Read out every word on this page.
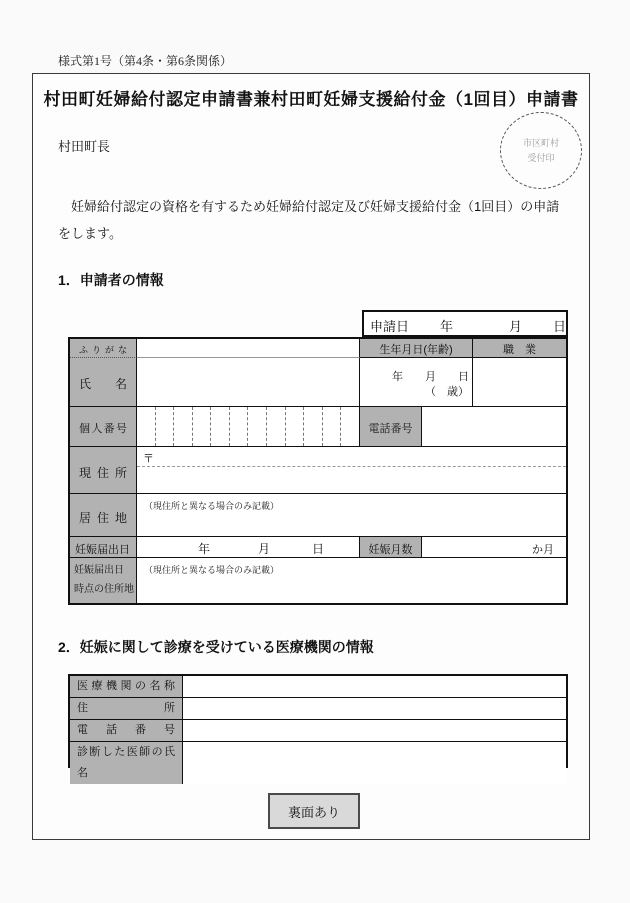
様式第1号（第4条・第6条関係）
村田町妊婦給付認定申請書兼村田町妊婦支援給付金（1回目）申請書
村田町長	市区町村
受付印
妊婦給付認定の資格を有するため妊婦給付認定及び妊婦支援給付金（1回目）の申請
をします。
1．申請者の情報
申請日 年	月 日
ふりがな	生年月日(年齢)	職　業
氏名	年　　月　　日
（　歳）
個人番号	電話番号
現住所
〒
居住地
（現住所と異なる場合のみ記載）
妊娠届出日	年	月	日	妊娠月数	か月
妊娠届出日
時点の住所地
（現住所と異なる場合のみ記載）
2．妊娠に関して診療を受けている医療機関の情報
医療機関の名称
住所
電話番号
診断した医師の氏名
裏面あり
